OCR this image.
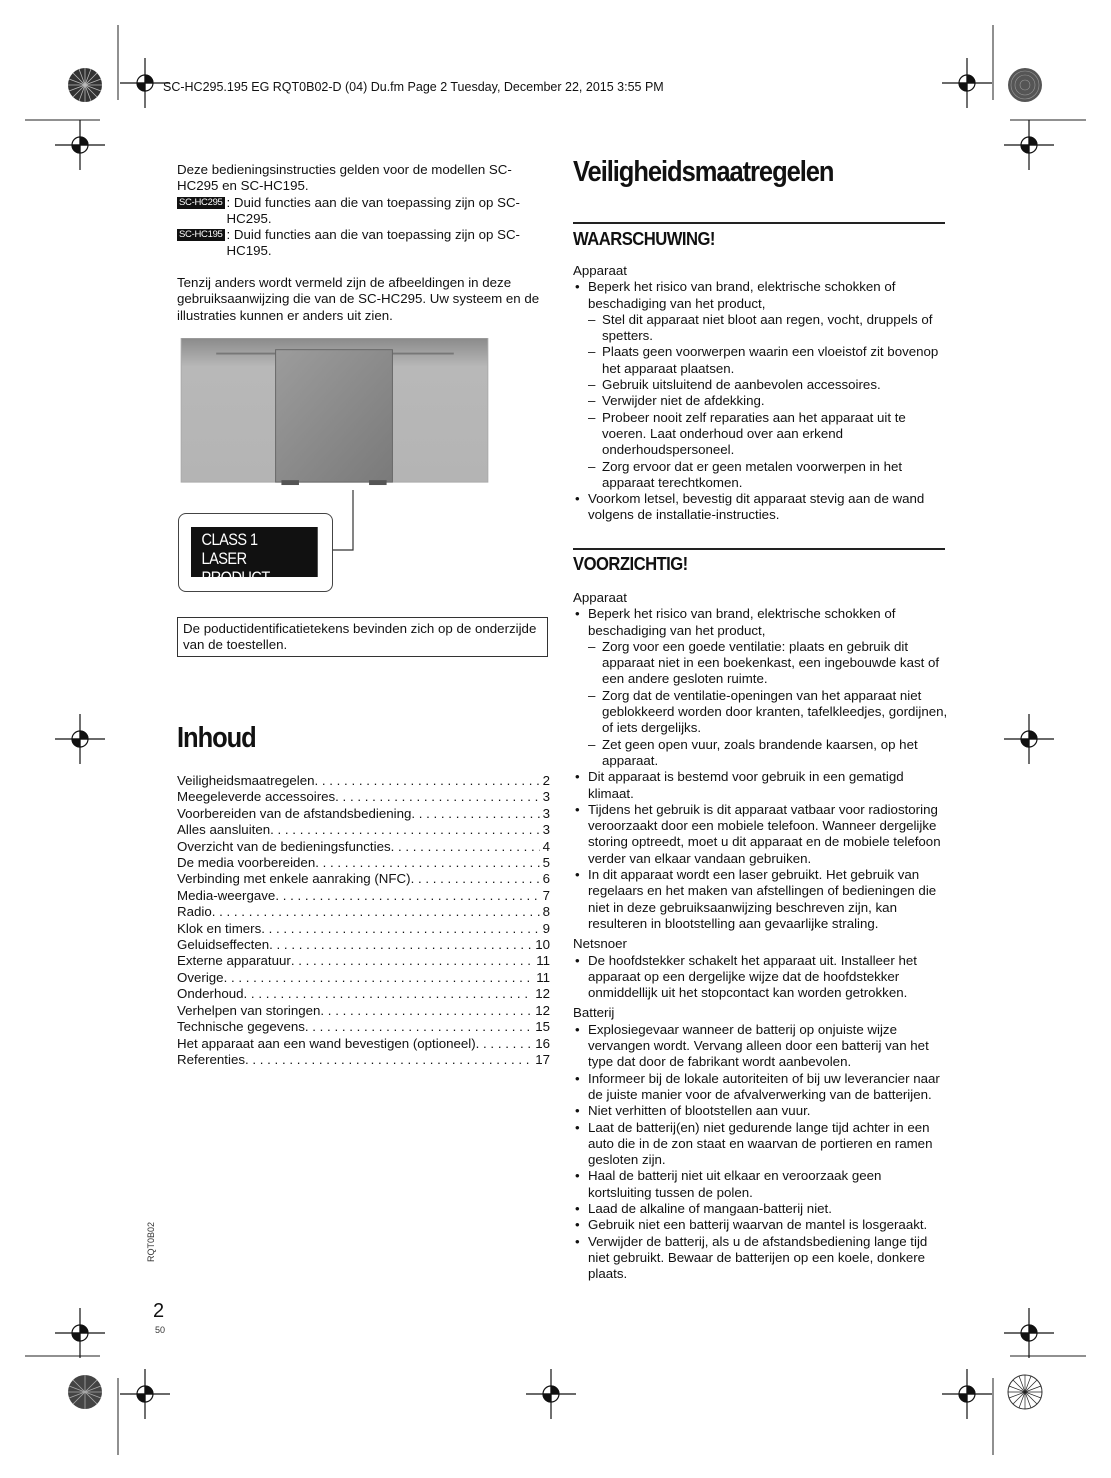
SC-HC295.195 EG RQT0B02-D (04) Du.fm Page 2 Tuesday, December 22, 2015 3:55 PM
Deze bedieningsinstructies gelden voor de modellen SC-HC295 en SC-HC195.
SC-HC295 : Duid functies aan die van toepassing zijn op SC-HC295.
SC-HC195 : Duid functies aan die van toepassing zijn op SC-HC195.
Tenzij anders wordt vermeld zijn de afbeeldingen in deze gebruiksaanwijzing die van de SC-HC295. Uw systeem en de illustraties kunnen er anders uit zien.
CLASS 1
LASER PRODUCT
De poductidentificatietekens bevinden zich op de onderzijde van de toestellen.
Inhoud
Veiligheidsmaatregelen . . .	2
Meegeleverde accessoires . . .	3
Voorbereiden van de afstandsbediening . . .	3
Alles aansluiten . . .	3
Overzicht van de bedieningsfuncties . . .	4
De media voorbereiden . . .	5
Verbinding met enkele aanraking (NFC) . . .	6
Media-weergave . . .	7
Radio . . .	8
Klok en timers . . .	9
Geluidseffecten . . .	10
Externe apparatuur . . .	11
Overige . . .	11
Onderhoud . . .	12
Verhelpen van storingen . . .	12
Technische gegevens . . .	15
Het apparaat aan een wand bevestigen (optioneel) . . .	16
Referenties . . .	17
Veiligheidsmaatregelen
WAARSCHUWING!
Apparaat
• Beperk het risico van brand, elektrische schokken of beschadiging van het product,
– Stel dit apparaat niet bloot aan regen, vocht, druppels of spetters.
– Plaats geen voorwerpen waarin een vloeistof zit bovenop het apparaat plaatsen.
– Gebruik uitsluitend de aanbevolen accessoires.
– Verwijder niet de afdekking.
– Probeer nooit zelf reparaties aan het apparaat uit te voeren. Laat onderhoud over aan erkend onderhoudspersoneel.
– Zorg ervoor dat er geen metalen voorwerpen in het apparaat terechtkomen.
• Voorkom letsel, bevestig dit apparaat stevig aan de wand volgens de installatie-instructies.
VOORZICHTIG!
Apparaat
• Beperk het risico van brand, elektrische schokken of beschadiging van het product,
– Zorg voor een goede ventilatie: plaats en gebruik dit apparaat niet in een boekenkast, een ingebouwde kast of een andere gesloten ruimte.
– Zorg dat de ventilatie-openingen van het apparaat niet geblokkeerd worden door kranten, tafelkleedjes, gordijnen, of iets dergelijks.
– Zet geen open vuur, zoals brandende kaarsen, op het apparaat.
• Dit apparaat is bestemd voor gebruik in een gematigd klimaat.
• Tijdens het gebruik is dit apparaat vatbaar voor radiostoring veroorzaakt door een mobiele telefoon. Wanneer dergelijke storing optreedt, moet u dit apparaat en de mobiele telefoon verder van elkaar vandaan gebruiken.
• In dit apparaat wordt een laser gebruikt. Het gebruik van regelaars en het maken van afstellingen of bedieningen die niet in deze gebruiksaanwijzing beschreven zijn, kan resulteren in blootstelling aan gevaarlijke straling.
Netsnoer
• De hoofdstekker schakelt het apparaat uit. Installeer het apparaat op een dergelijke wijze dat de hoofdstekker onmiddellijk uit het stopcontact kan worden getrokken.
Batterij
• Explosiegevaar wanneer de batterij op onjuiste wijze vervangen wordt. Vervang alleen door een batterij van het type dat door de fabrikant wordt aanbevolen.
• Informeer bij de lokale autoriteiten of bij uw leverancier naar de juiste manier voor de afvalverwerking van de batterijen.
• Niet verhitten of blootstellen aan vuur.
• Laat de batterij(en) niet gedurende lange tijd achter in een auto die in de zon staat en waarvan de portieren en ramen gesloten zijn.
• Haal de batterij niet uit elkaar en veroorzaak geen kortsluiting tussen de polen.
• Laad de alkaline of mangaan-batterij niet.
• Gebruik niet een batterij waarvan de mantel is losgeraakt.
• Verwijder de batterij, als u de afstandsbediening lange tijd niet gebruikt. Bewaar de batterijen op een koele, donkere plaats.
RQT0B02
2
50
